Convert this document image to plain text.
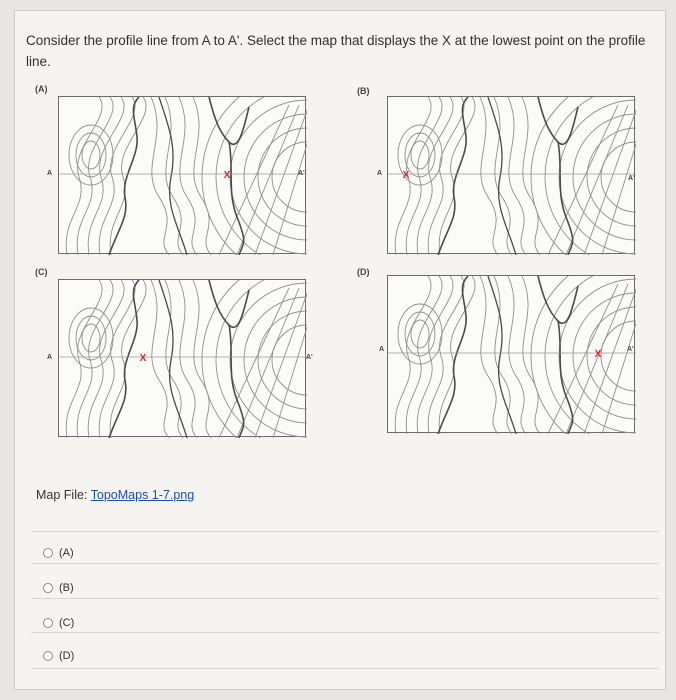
Consider the profile line from A to A'. Select the map that displays the X at the lowest point on the profile line.
(A)
X
A	A'
(B)
X
A
A'
(C)
X
A	A'
(D)
X
A	A'
Map File: TopoMaps 1-7.png
(A)
(B)
(C)
(D)
